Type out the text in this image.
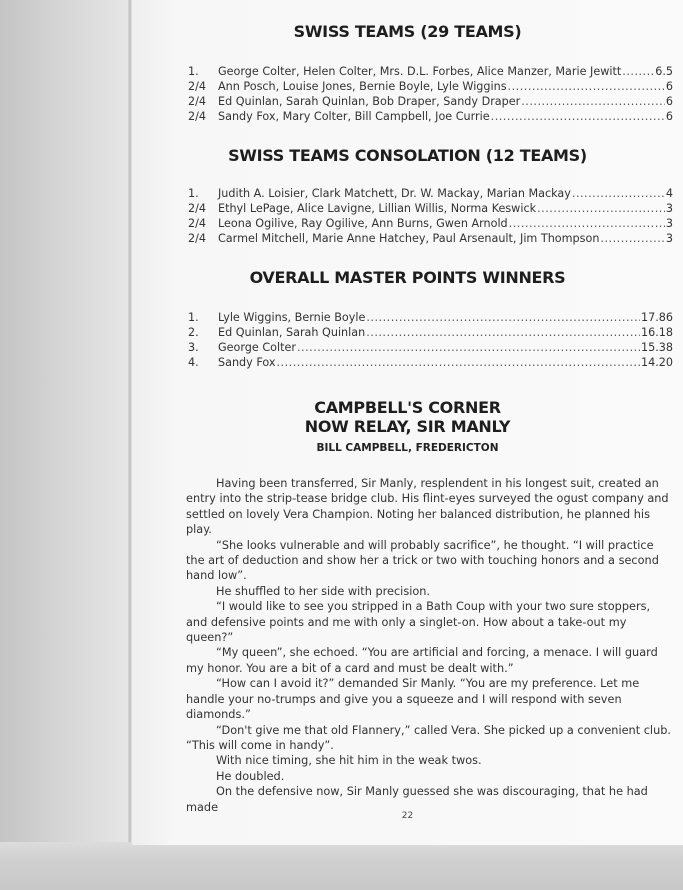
SWISS TEAMS (29 TEAMS)
1.	George Colter, Helen Colter, Mrs. D.L. Forbes, Alice Manzer, Marie Jewitt .....	6.5
2/4	Ann Posch, Louise Jones, Bernie Boyle, Lyle Wiggins .....	6
2/4	Ed Quinlan, Sarah Quinlan, Bob Draper, Sandy Draper .....	6
2/4	Sandy Fox, Mary Colter, Bill Campbell, Joe Currie .....	6
SWISS TEAMS CONSOLATION (12 TEAMS)
1.	Judith A. Loisier, Clark Matchett, Dr. W. Mackay, Marian Mackay .....	4
2/4	Ethyl LePage, Alice Lavigne, Lillian Willis, Norma Keswick .....	3
2/4	Leona Ogilive, Ray Ogilive, Ann Burns, Gwen Arnold .....	3
2/4	Carmel Mitchell, Marie Anne Hatchey, Paul Arsenault, Jim Thompson .....	3
OVERALL MASTER POINTS WINNERS
1.	Lyle Wiggins, Bernie Boyle .....	17.86
2.	Ed Quinlan, Sarah Quinlan .....	16.18
3.	George Colter .....	15.38
4.	Sandy Fox .....	14.20
CAMPBELL'S CORNER
NOW RELAY, SIR MANLY
BILL CAMPBELL, FREDERICTON

Having been transferred, Sir Manly, resplendent in his longest suit, created an entry into the strip-tease bridge club. His flint-eyes surveyed the ogust company and settled on lovely Vera Champion. Noting her balanced distribution, he planned his play.

“She looks vulnerable and will probably sacrifice”, he thought. “I will practice the art of deduction and show her a trick or two with touching honors and a second hand low”.

He shuffled to her side with precision.

“I would like to see you stripped in a Bath Coup with your two sure stoppers, and defensive points and me with only a singlet-on. How about a take-out my queen?”

“My queen”, she echoed. “You are artificial and forcing, a menace. I will guard my honor. You are a bit of a card and must be dealt with.”

“How can I avoid it?” demanded Sir Manly. “You are my preference. Let me handle your no-trumps and give you a squeeze and I will respond with seven diamonds.”

“Don't give me that old Flannery,” called Vera. She picked up a convenient club. “This will come in handy”.

With nice timing, she hit him in the weak twos.

He doubled.

On the defensive now, Sir Manly guessed she was discouraging, that he had made

22
